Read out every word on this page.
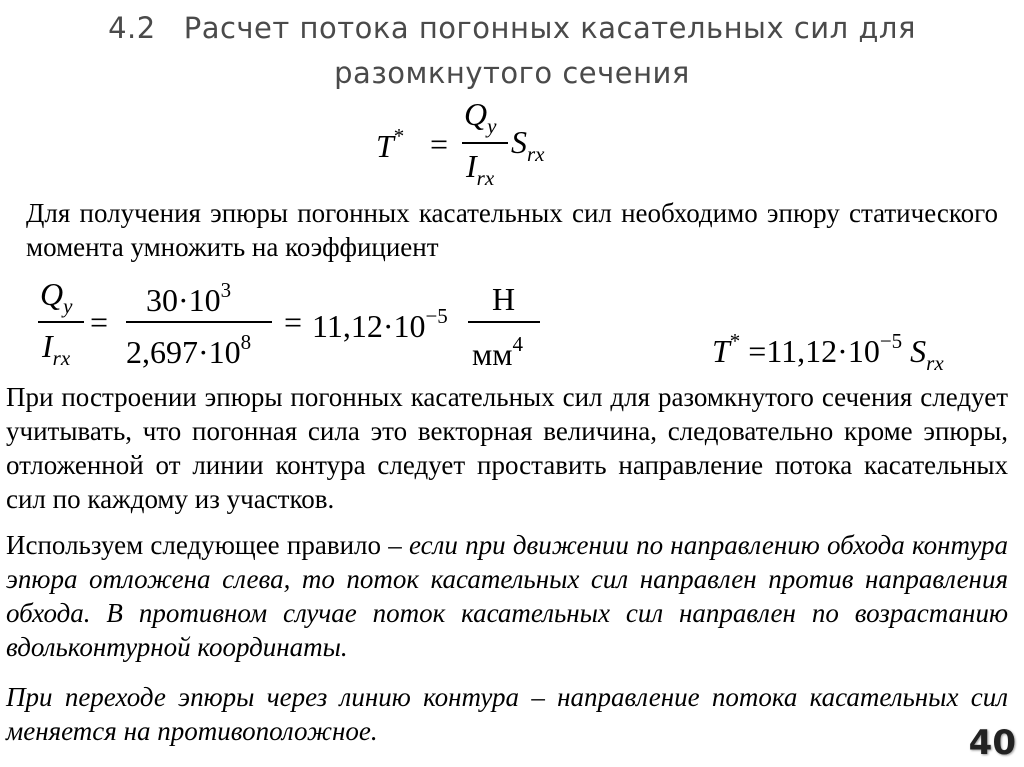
4.2 Расчет потока погонных касательных сил для
разомкнутого сечения
T* =
$Q_y$
$I_{rx}$
$S_{rx}$

Для получения эпюры погонных касательных сил необходимо эпюру статического момента умножить на коэффициент

$Q_y$
$I_{rx}$
=
$30\cdot 10^3$
$2,697\cdot 10^8$
= $11,12\cdot 10^{-5}$ Н
$мм^4$	$T^* =11,12\cdot 10^{-5}$ $S_{rx}$

При построении эпюры погонных касательных сил для разомкнутого сечения следует учитывать, что погонная сила это векторная величина, следовательно кроме эпюры, отложенной от линии контура следует проставить направление потока касательных сил по каждому из участков.

Используем следующее правило – если при движении по направлению обхода контура эпюра отложена слева, то поток касательных сил направлен против направления обхода. В противном случае поток касательных сил направлен по возрастанию вдольконтурной координаты.

При переходе эпюры через линию контура – направление потока касательных сил меняется на противоположное.	40
